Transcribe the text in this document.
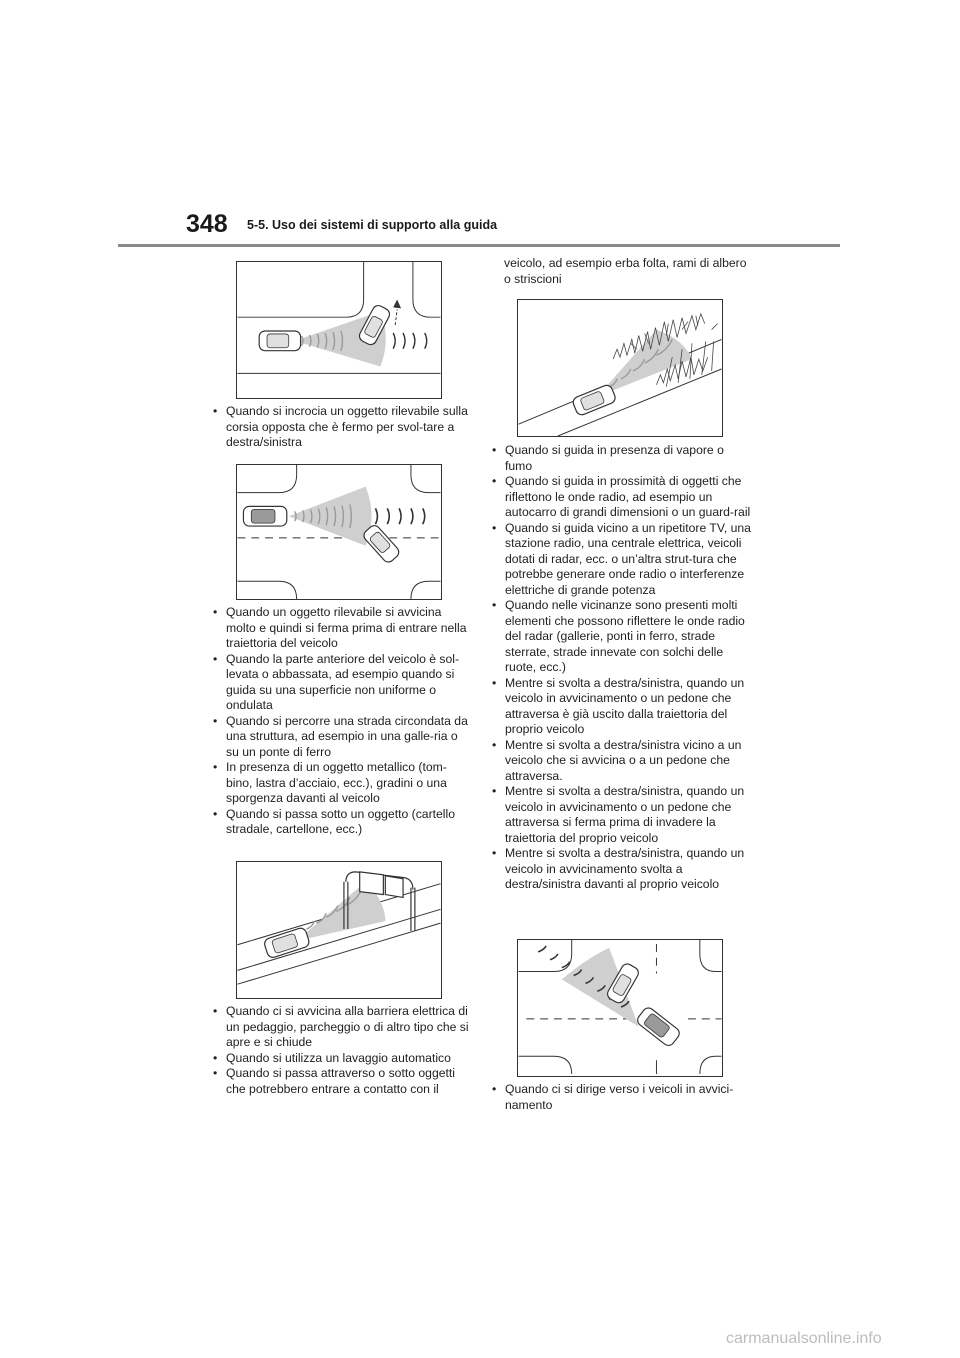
348 5-5. Uso dei sistemi di supporto alla guida
• Quando si incrocia un oggetto rilevabile sulla corsia opposta che è fermo per svol-tare a destra/sinistra
• Quando un oggetto rilevabile si avvicina molto e quindi si ferma prima di entrare nella traiettoria del veicolo
• Quando la parte anteriore del veicolo è sol-levata o abbassata, ad esempio quando si guida su una superficie non uniforme o ondulata
• Quando si percorre una strada circondata da una struttura, ad esempio in una galle-ria o su un ponte di ferro
• In presenza di un oggetto metallico (tom-bino, lastra d’acciaio, ecc.), gradini o una sporgenza davanti al veicolo
• Quando si passa sotto un oggetto (cartello stradale, cartellone, ecc.)
• Quando ci si avvicina alla barriera elettrica di un pedaggio, parcheggio o di altro tipo che si apre e si chiude
• Quando si utilizza un lavaggio automatico
• Quando si passa attraverso o sotto oggetti che potrebbero entrare a contatto con il
veicolo, ad esempio erba folta, rami di albero o striscioni
• Quando si guida in presenza di vapore o fumo
• Quando si guida in prossimità di oggetti che riflettono le onde radio, ad esempio un autocarro di grandi dimensioni o un guard-rail
• Quando si guida vicino a un ripetitore TV, una stazione radio, una centrale elettrica, veicoli dotati di radar, ecc. o un’altra strut-tura che potrebbe generare onde radio o interferenze elettriche di grande potenza
• Quando nelle vicinanze sono presenti molti elementi che possono riflettere le onde radio del radar (gallerie, ponti in ferro, strade sterrate, strade innevate con solchi delle ruote, ecc.)
• Mentre si svolta a destra/sinistra, quando un veicolo in avvicinamento o un pedone che attraversa è già uscito dalla traiettoria del proprio veicolo
• Mentre si svolta a destra/sinistra vicino a un veicolo che si avvicina o a un pedone che attraversa.
• Mentre si svolta a destra/sinistra, quando un veicolo in avvicinamento o un pedone che attraversa si ferma prima di invadere la traiettoria del proprio veicolo
• Mentre si svolta a destra/sinistra, quando un veicolo in avvicinamento svolta a destra/sinistra davanti al proprio veicolo
• Quando ci si dirige verso i veicoli in avvici-namento
carmanualsonline.info
